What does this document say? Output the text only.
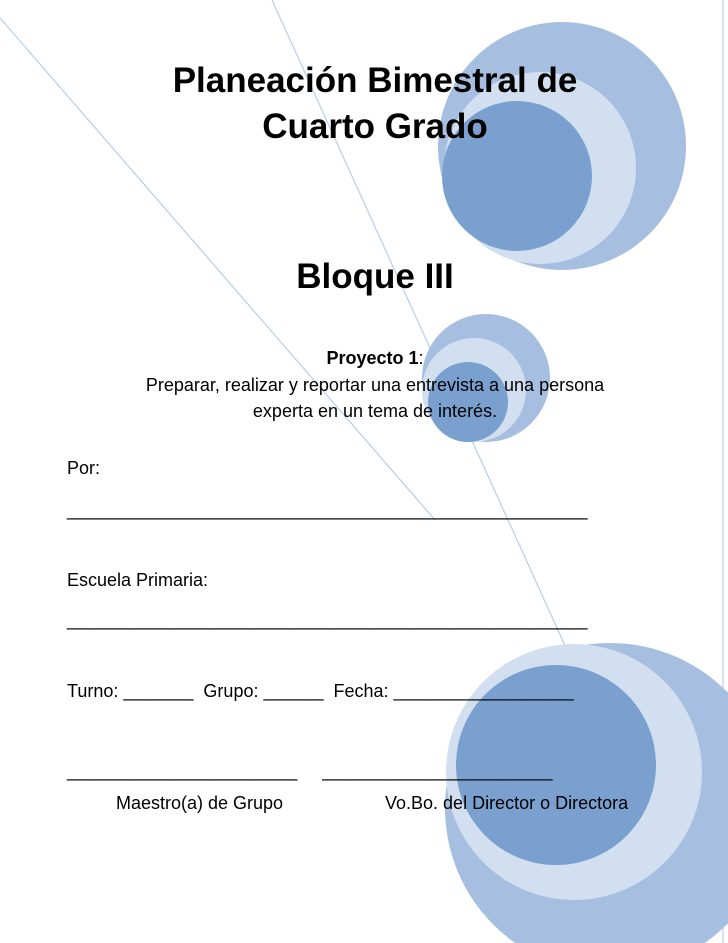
Planeación Bimestral de
Cuarto Grado
Bloque III
Proyecto 1:
Preparar, realizar y reportar una entrevista a una persona
experta en un tema de interés.
Por:
____________________________________________________
Escuela Primaria:
____________________________________________________
Turno: _______  Grupo: ______  Fecha: __________________
_______________________     _______________________
Maestro(a) de Grupo	Vo.Bo. del Director o Directora
